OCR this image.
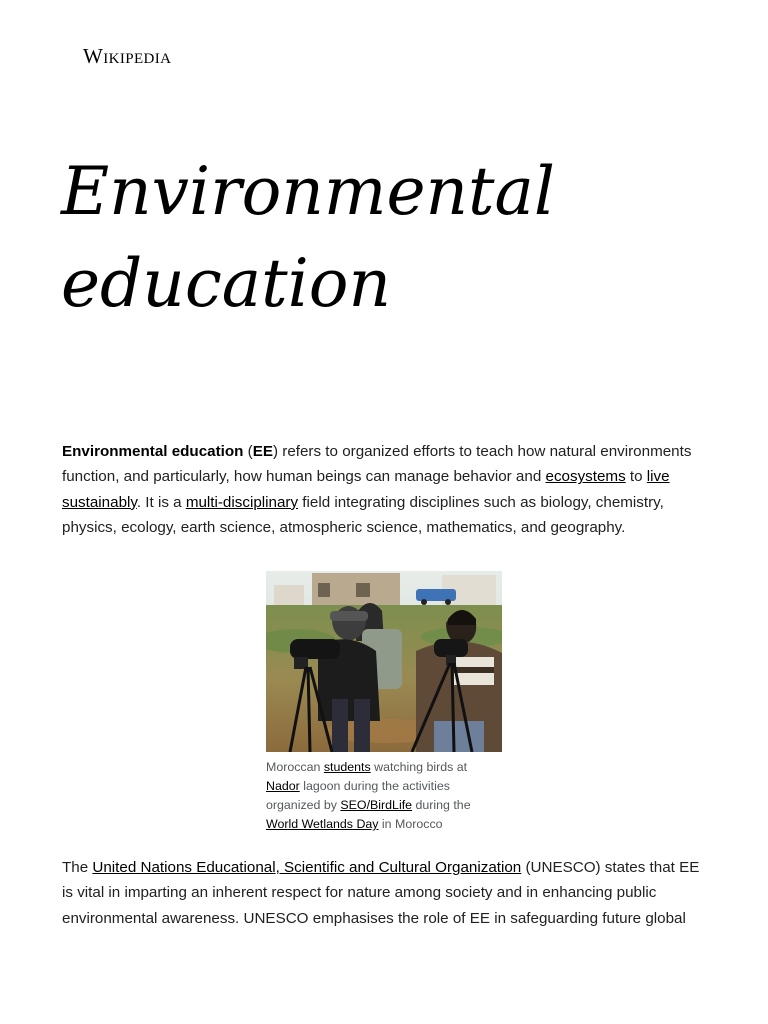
Wikipedia
Environmental
education

Environmental education (EE) refers to organized efforts to teach how natural environments function, and particularly, how human beings can manage behavior and ecosystems to live sustainably. It is a multi-disciplinary field integrating disciplines such as biology, chemistry, physics, ecology, earth science, atmospheric science, mathematics, and geography.

Moroccan students watching birds at Nador lagoon during the activities organized by SEO/BirdLife during the World Wetlands Day in Morocco

The United Nations Educational, Scientific and Cultural Organization (UNESCO) states that EE is vital in imparting an inherent respect for nature among society and in enhancing public environmental awareness. UNESCO emphasises the role of EE in safeguarding future global
